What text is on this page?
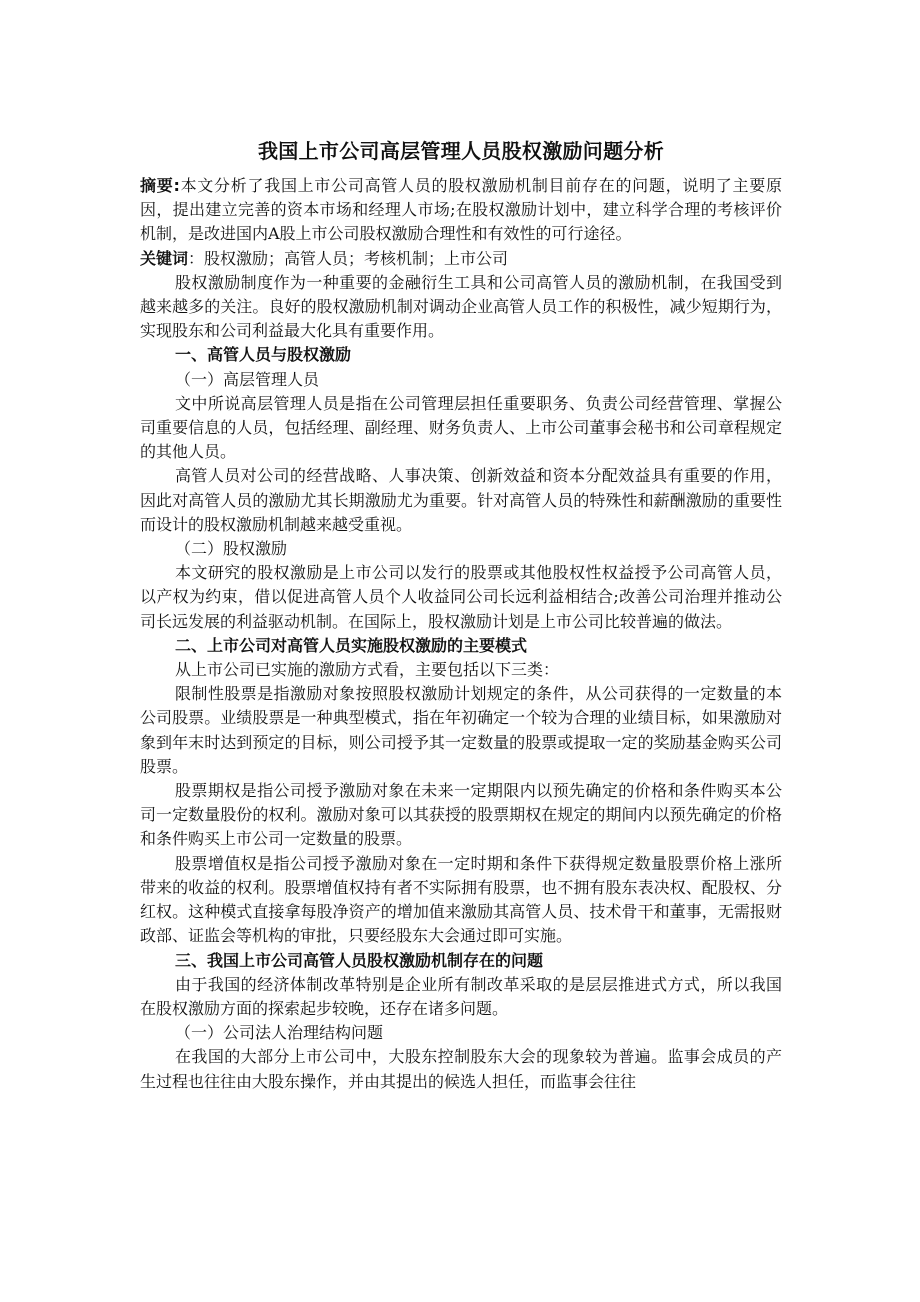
我国上市公司高层管理人员股权激励问题分析

摘要:本文分析了我国上市公司高管人员的股权激励机制目前存在的问题，说明了主要原因，提出建立完善的资本市场和经理人市场;在股权激励计划中，建立科学合理的考核评价机制，是改进国内A股上市公司股权激励合理性和有效性的可行途径。

关键词：股权激励；高管人员；考核机制；上市公司

股权激励制度作为一种重要的金融衍生工具和公司高管人员的激励机制，在我国受到越来越多的关注。良好的股权激励机制对调动企业高管人员工作的积极性，减少短期行为，实现股东和公司利益最大化具有重要作用。

一、高管人员与股权激励

（一）高层管理人员

文中所说高层管理人员是指在公司管理层担任重要职务、负责公司经营管理、掌握公司重要信息的人员，包括经理、副经理、财务负责人、上市公司董事会秘书和公司章程规定的其他人员。

高管人员对公司的经营战略、人事决策、创新效益和资本分配效益具有重要的作用，因此对高管人员的激励尤其长期激励尤为重要。针对高管人员的特殊性和薪酬激励的重要性而设计的股权激励机制越来越受重视。

（二）股权激励

本文研究的股权激励是上市公司以发行的股票或其他股权性权益授予公司高管人员，以产权为约束，借以促进高管人员个人收益同公司长远利益相结合;改善公司治理并推动公司长远发展的利益驱动机制。在国际上，股权激励计划是上市公司比较普遍的做法。

二、上市公司对高管人员实施股权激励的主要模式

从上市公司已实施的激励方式看，主要包括以下三类：

限制性股票是指激励对象按照股权激励计划规定的条件，从公司获得的一定数量的本公司股票。业绩股票是一种典型模式，指在年初确定一个较为合理的业绩目标，如果激励对象到年末时达到预定的目标，则公司授予其一定数量的股票或提取一定的奖励基金购买公司股票。

股票期权是指公司授予激励对象在未来一定期限内以预先确定的价格和条件购买本公司一定数量股份的权利。激励对象可以其获授的股票期权在规定的期间内以预先确定的价格和条件购买上市公司一定数量的股票。

股票增值权是指公司授予激励对象在一定时期和条件下获得规定数量股票价格上涨所带来的收益的权利。股票增值权持有者不实际拥有股票，也不拥有股东表决权、配股权、分红权。这种模式直接拿每股净资产的增加值来激励其高管人员、技术骨干和董事，无需报财政部、证监会等机构的审批，只要经股东大会通过即可实施。

三、我国上市公司高管人员股权激励机制存在的问题

由于我国的经济体制改革特别是企业所有制改革采取的是层层推进式方式，所以我国在股权激励方面的探索起步较晚，还存在诸多问题。

（一）公司法人治理结构问题

在我国的大部分上市公司中，大股东控制股东大会的现象较为普遍。监事会成员的产生过程也往往由大股东操作，并由其提出的候选人担任，而监事会往往
